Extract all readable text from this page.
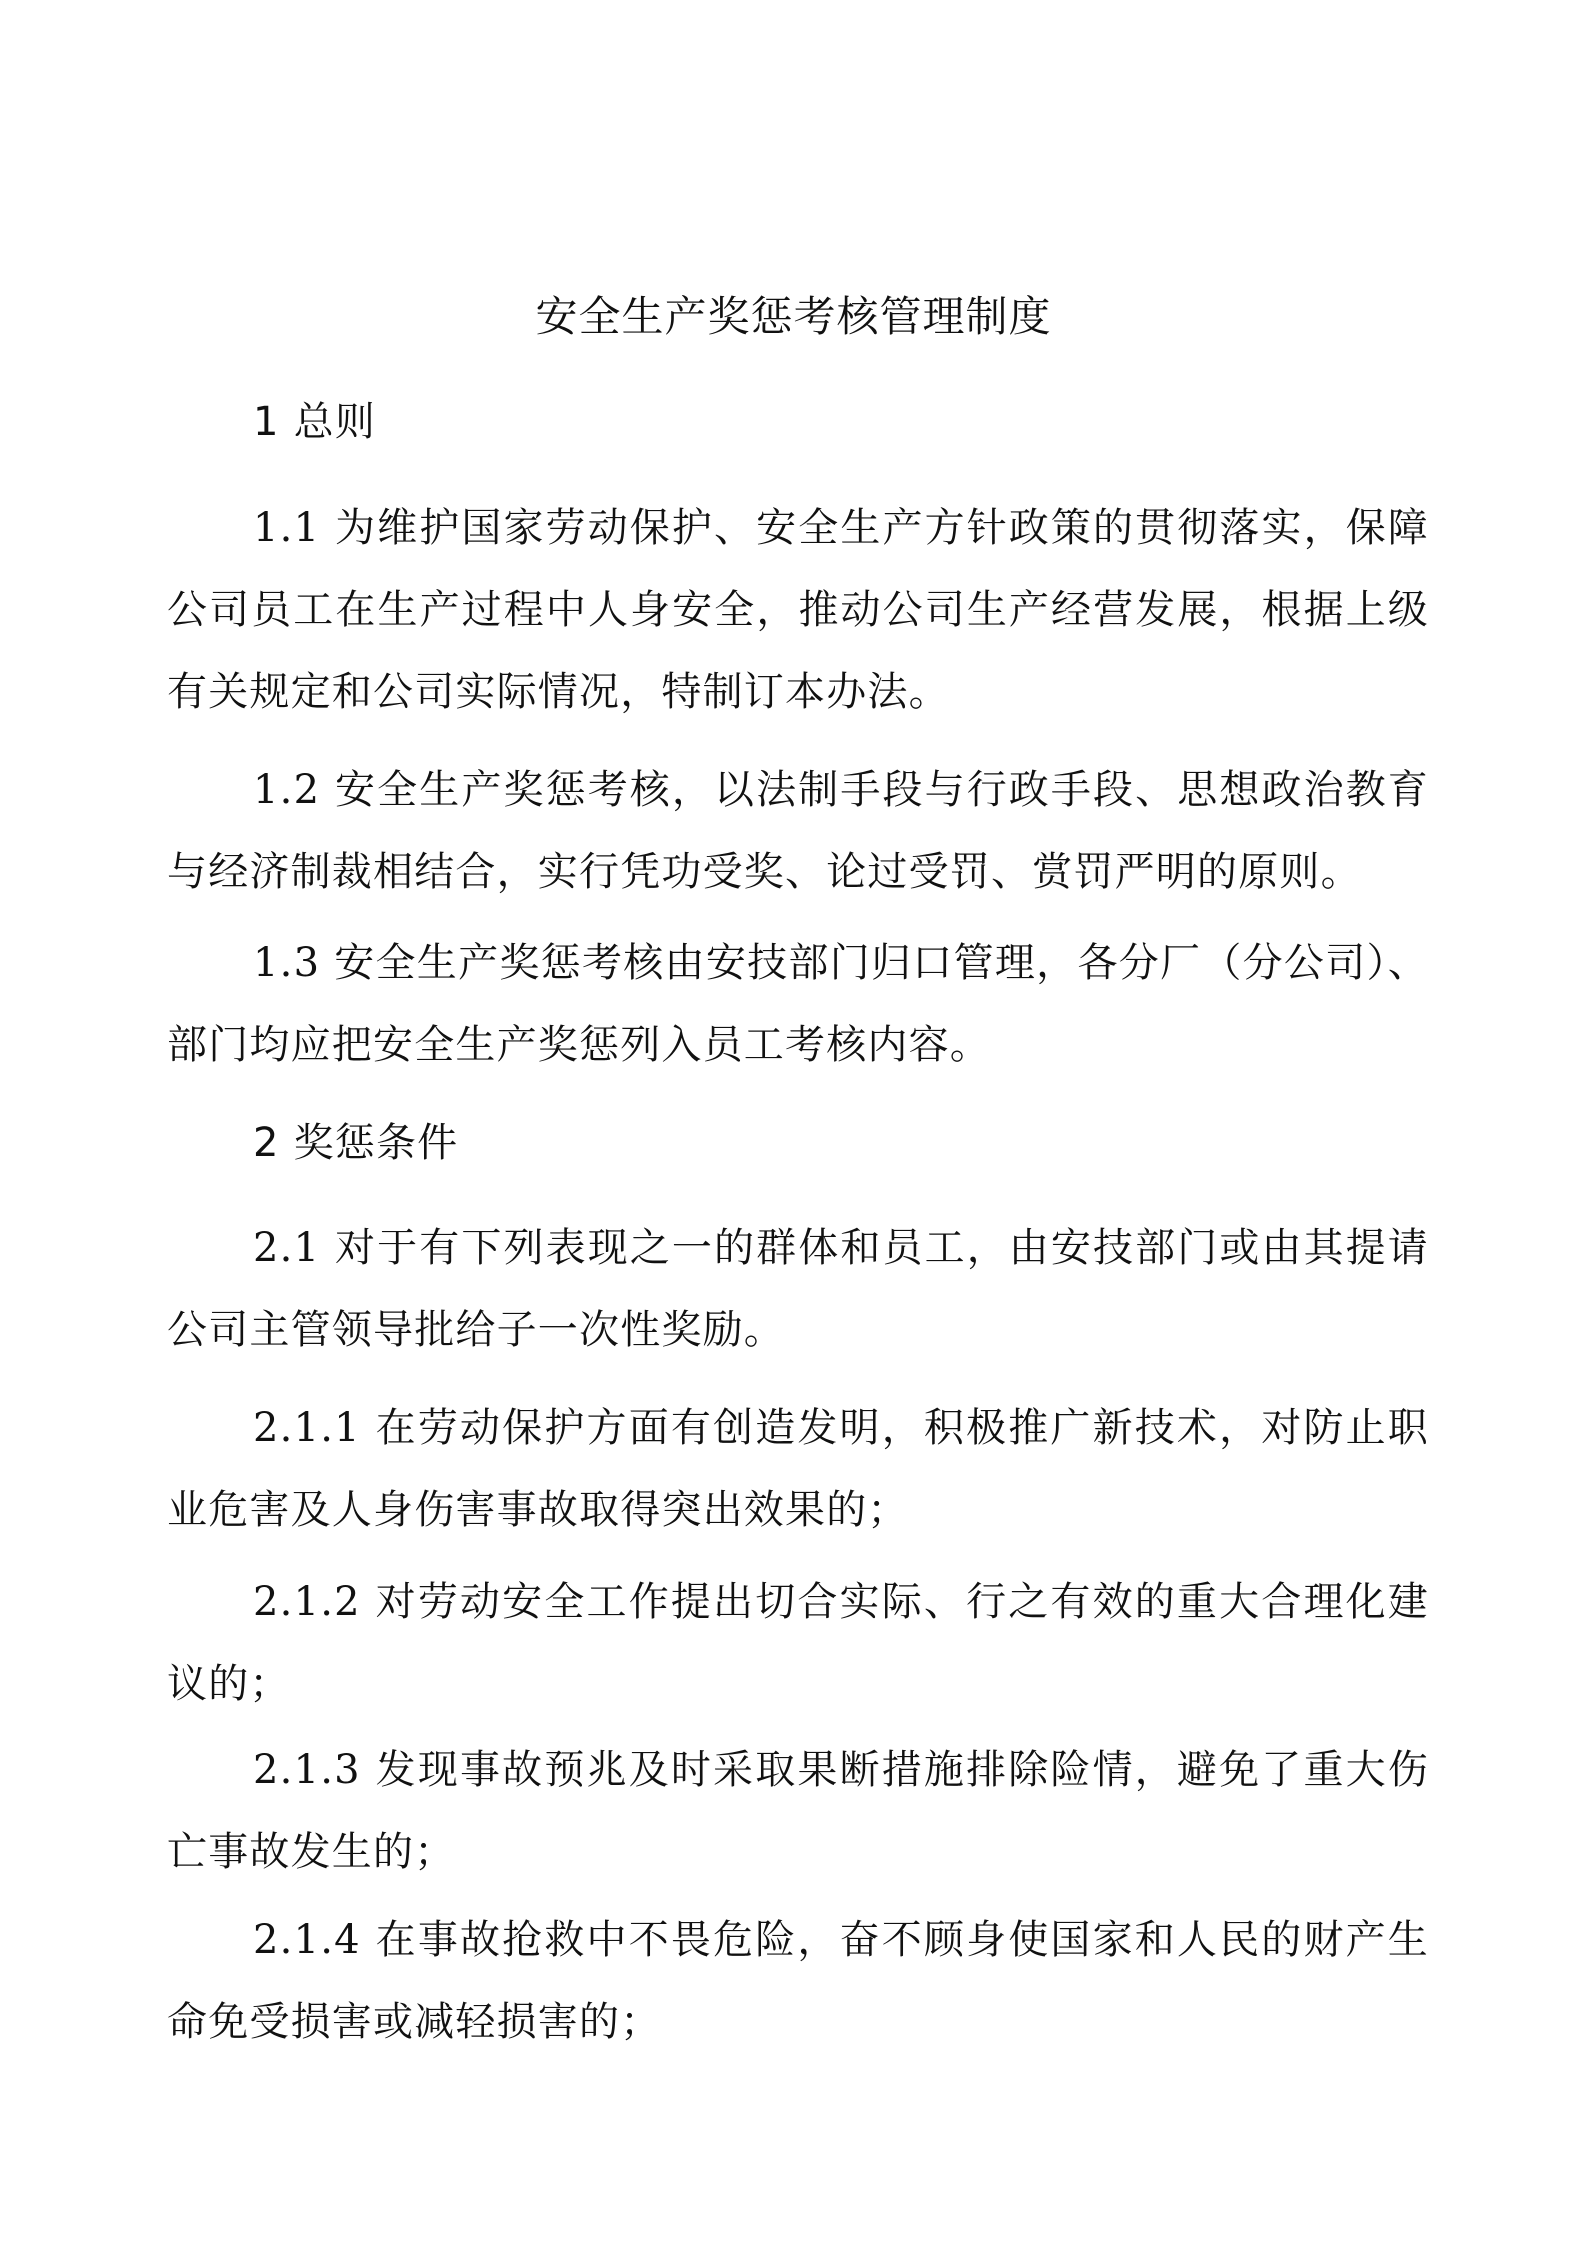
安全生产奖惩考核管理制度
1 总则
1.1 为维护国家劳动保护、安全生产方针政策的贯彻落实，保障
公司员工在生产过程中人身安全，推动公司生产经营发展，根据上级
有关规定和公司实际情况，特制订本办法。
1.2 安全生产奖惩考核，以法制手段与行政手段、思想政治教育
与经济制裁相结合，实行凭功受奖、论过受罚、赏罚严明的原则。
1.3 安全生产奖惩考核由安技部门归口管理，各分厂（分公司）、
部门均应把安全生产奖惩列入员工考核内容。
2 奖惩条件
2.1 对于有下列表现之一的群体和员工，由安技部门或由其提请
公司主管领导批给子一次性奖励。
2.1.1 在劳动保护方面有创造发明，积极推广新技术，对防止职
业危害及人身伤害事故取得突出效果的；
2.1.2 对劳动安全工作提出切合实际、行之有效的重大合理化建
议的；
2.1.3 发现事故预兆及时采取果断措施排除险情，避免了重大伤
亡事故发生的；
2.1.4 在事故抢救中不畏危险，奋不顾身使国家和人民的财产生
命免受损害或减轻损害的；
